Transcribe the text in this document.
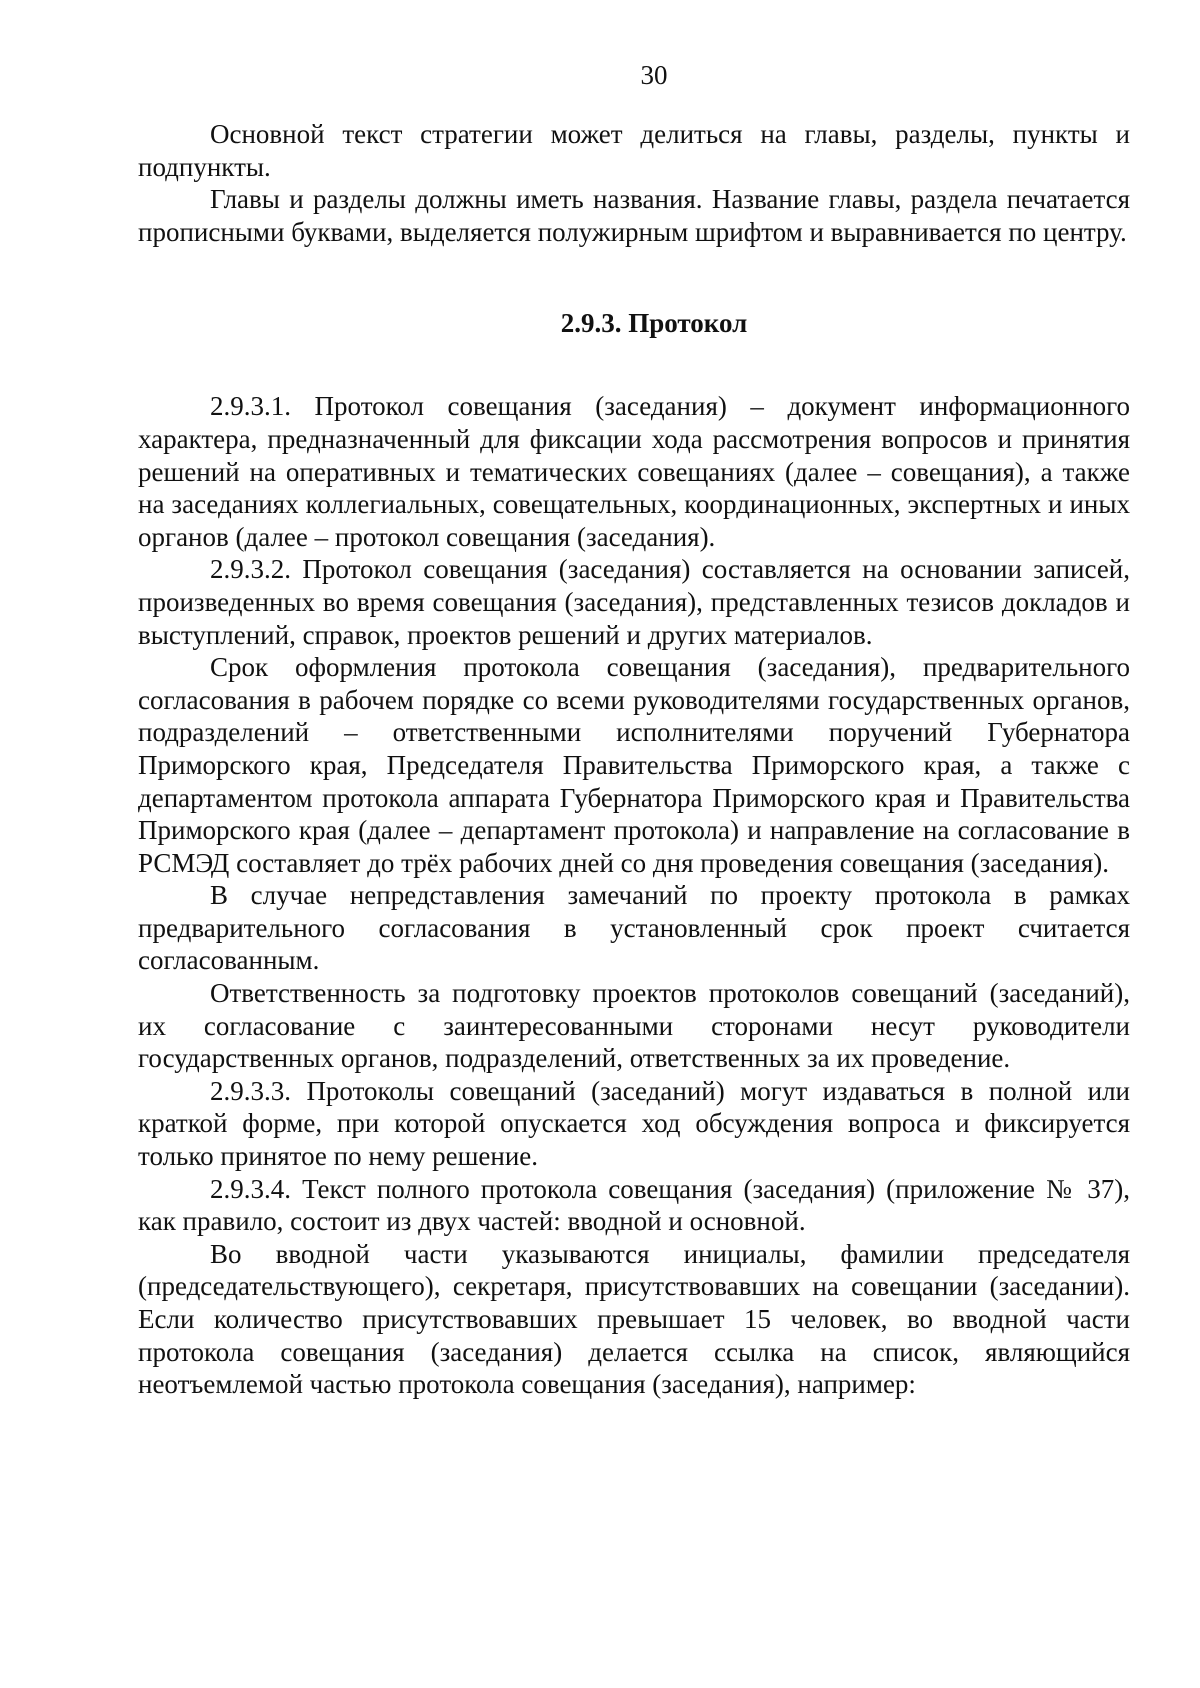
30

Основной текст стратегии может делиться на главы, разделы, пункты и подпункты.

Главы и разделы должны иметь названия. Название главы, раздела печатается прописными буквами, выделяется полужирным шрифтом и выравнивается по центру.

2.9.3. Протокол

2.9.3.1. Протокол совещания (заседания) – документ информационного характера, предназначенный для фиксации хода рассмотрения вопросов и принятия решений на оперативных и тематических совещаниях (далее – совещания), а также на заседаниях коллегиальных, совещательных, координационных, экспертных и иных органов (далее – протокол совещания (заседания).

2.9.3.2. Протокол совещания (заседания) составляется на основании записей, произведенных во время совещания (заседания), представленных тезисов докладов и выступлений, справок, проектов решений и других материалов.

Срок оформления протокола совещания (заседания), предварительного согласования в рабочем порядке со всеми руководителями государственных органов, подразделений – ответственными исполнителями поручений Губернатора Приморского края, Председателя Правительства Приморского края, а также с департаментом протокола аппарата Губернатора Приморского края и Правительства Приморского края (далее – департамент протокола) и направление на согласование в РСМЭД составляет до трёх рабочих дней со дня проведения совещания (заседания).

В случае непредставления замечаний по проекту протокола в рамках предварительного согласования в установленный срок проект считается согласованным.

Ответственность за подготовку проектов протоколов совещаний (заседаний), их согласование с заинтересованными сторонами несут руководители государственных органов, подразделений, ответственных за их проведение.

2.9.3.3. Протоколы совещаний (заседаний) могут издаваться в полной или краткой форме, при которой опускается ход обсуждения вопроса и фиксируется только принятое по нему решение.

2.9.3.4. Текст полного протокола совещания (заседания) (приложение № 37), как правило, состоит из двух частей: вводной и основной.

Во вводной части указываются инициалы, фамилии председателя (председательствующего), секретаря, присутствовавших на совещании (заседании). Если количество присутствовавших превышает 15 человек, во вводной части протокола совещания (заседания) делается ссылка на список, являющийся неотъемлемой частью протокола совещания (заседания), например:
